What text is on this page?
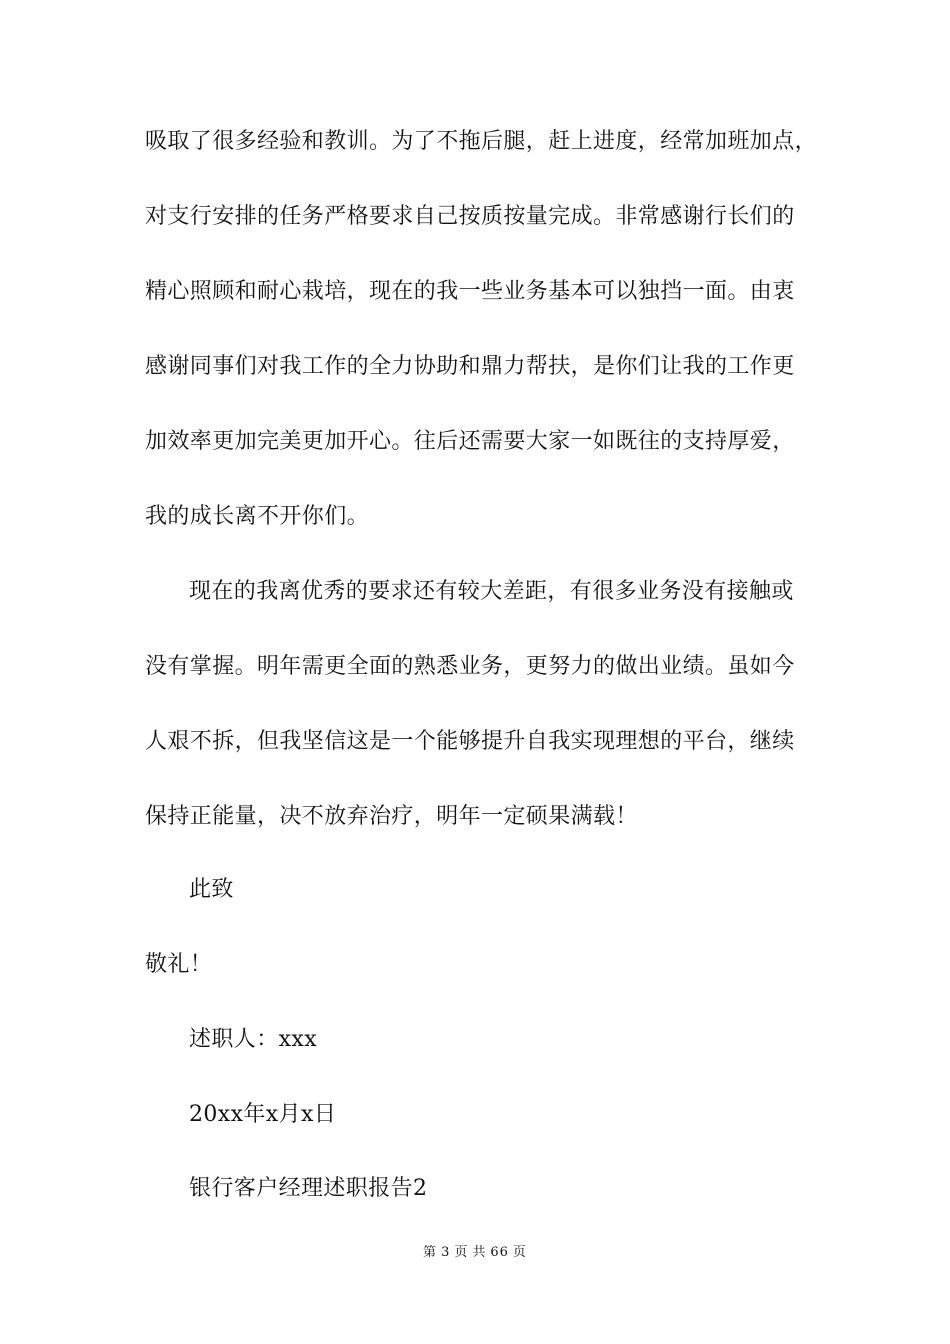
吸取了很多经验和教训。为了不拖后腿，赶上进度，经常加班加点，
对支行安排的任务严格要求自己按质按量完成。非常感谢行长们的
精心照顾和耐心栽培，现在的我一些业务基本可以独挡一面。由衷
感谢同事们对我工作的全力协助和鼎力帮扶，是你们让我的工作更
加效率更加完美更加开心。往后还需要大家一如既往的支持厚爱，
我的成长离不开你们。
现在的我离优秀的要求还有较大差距，有很多业务没有接触或
没有掌握。明年需更全面的熟悉业务，更努力的做出业绩。虽如今
人艰不拆，但我坚信这是一个能够提升自我实现理想的平台，继续
保持正能量，决不放弃治疗，明年一定硕果满载！
此致
敬礼！
述职人：xxx
20xx年x月x日
银行客户经理述职报告2
第 3 页 共 66 页
